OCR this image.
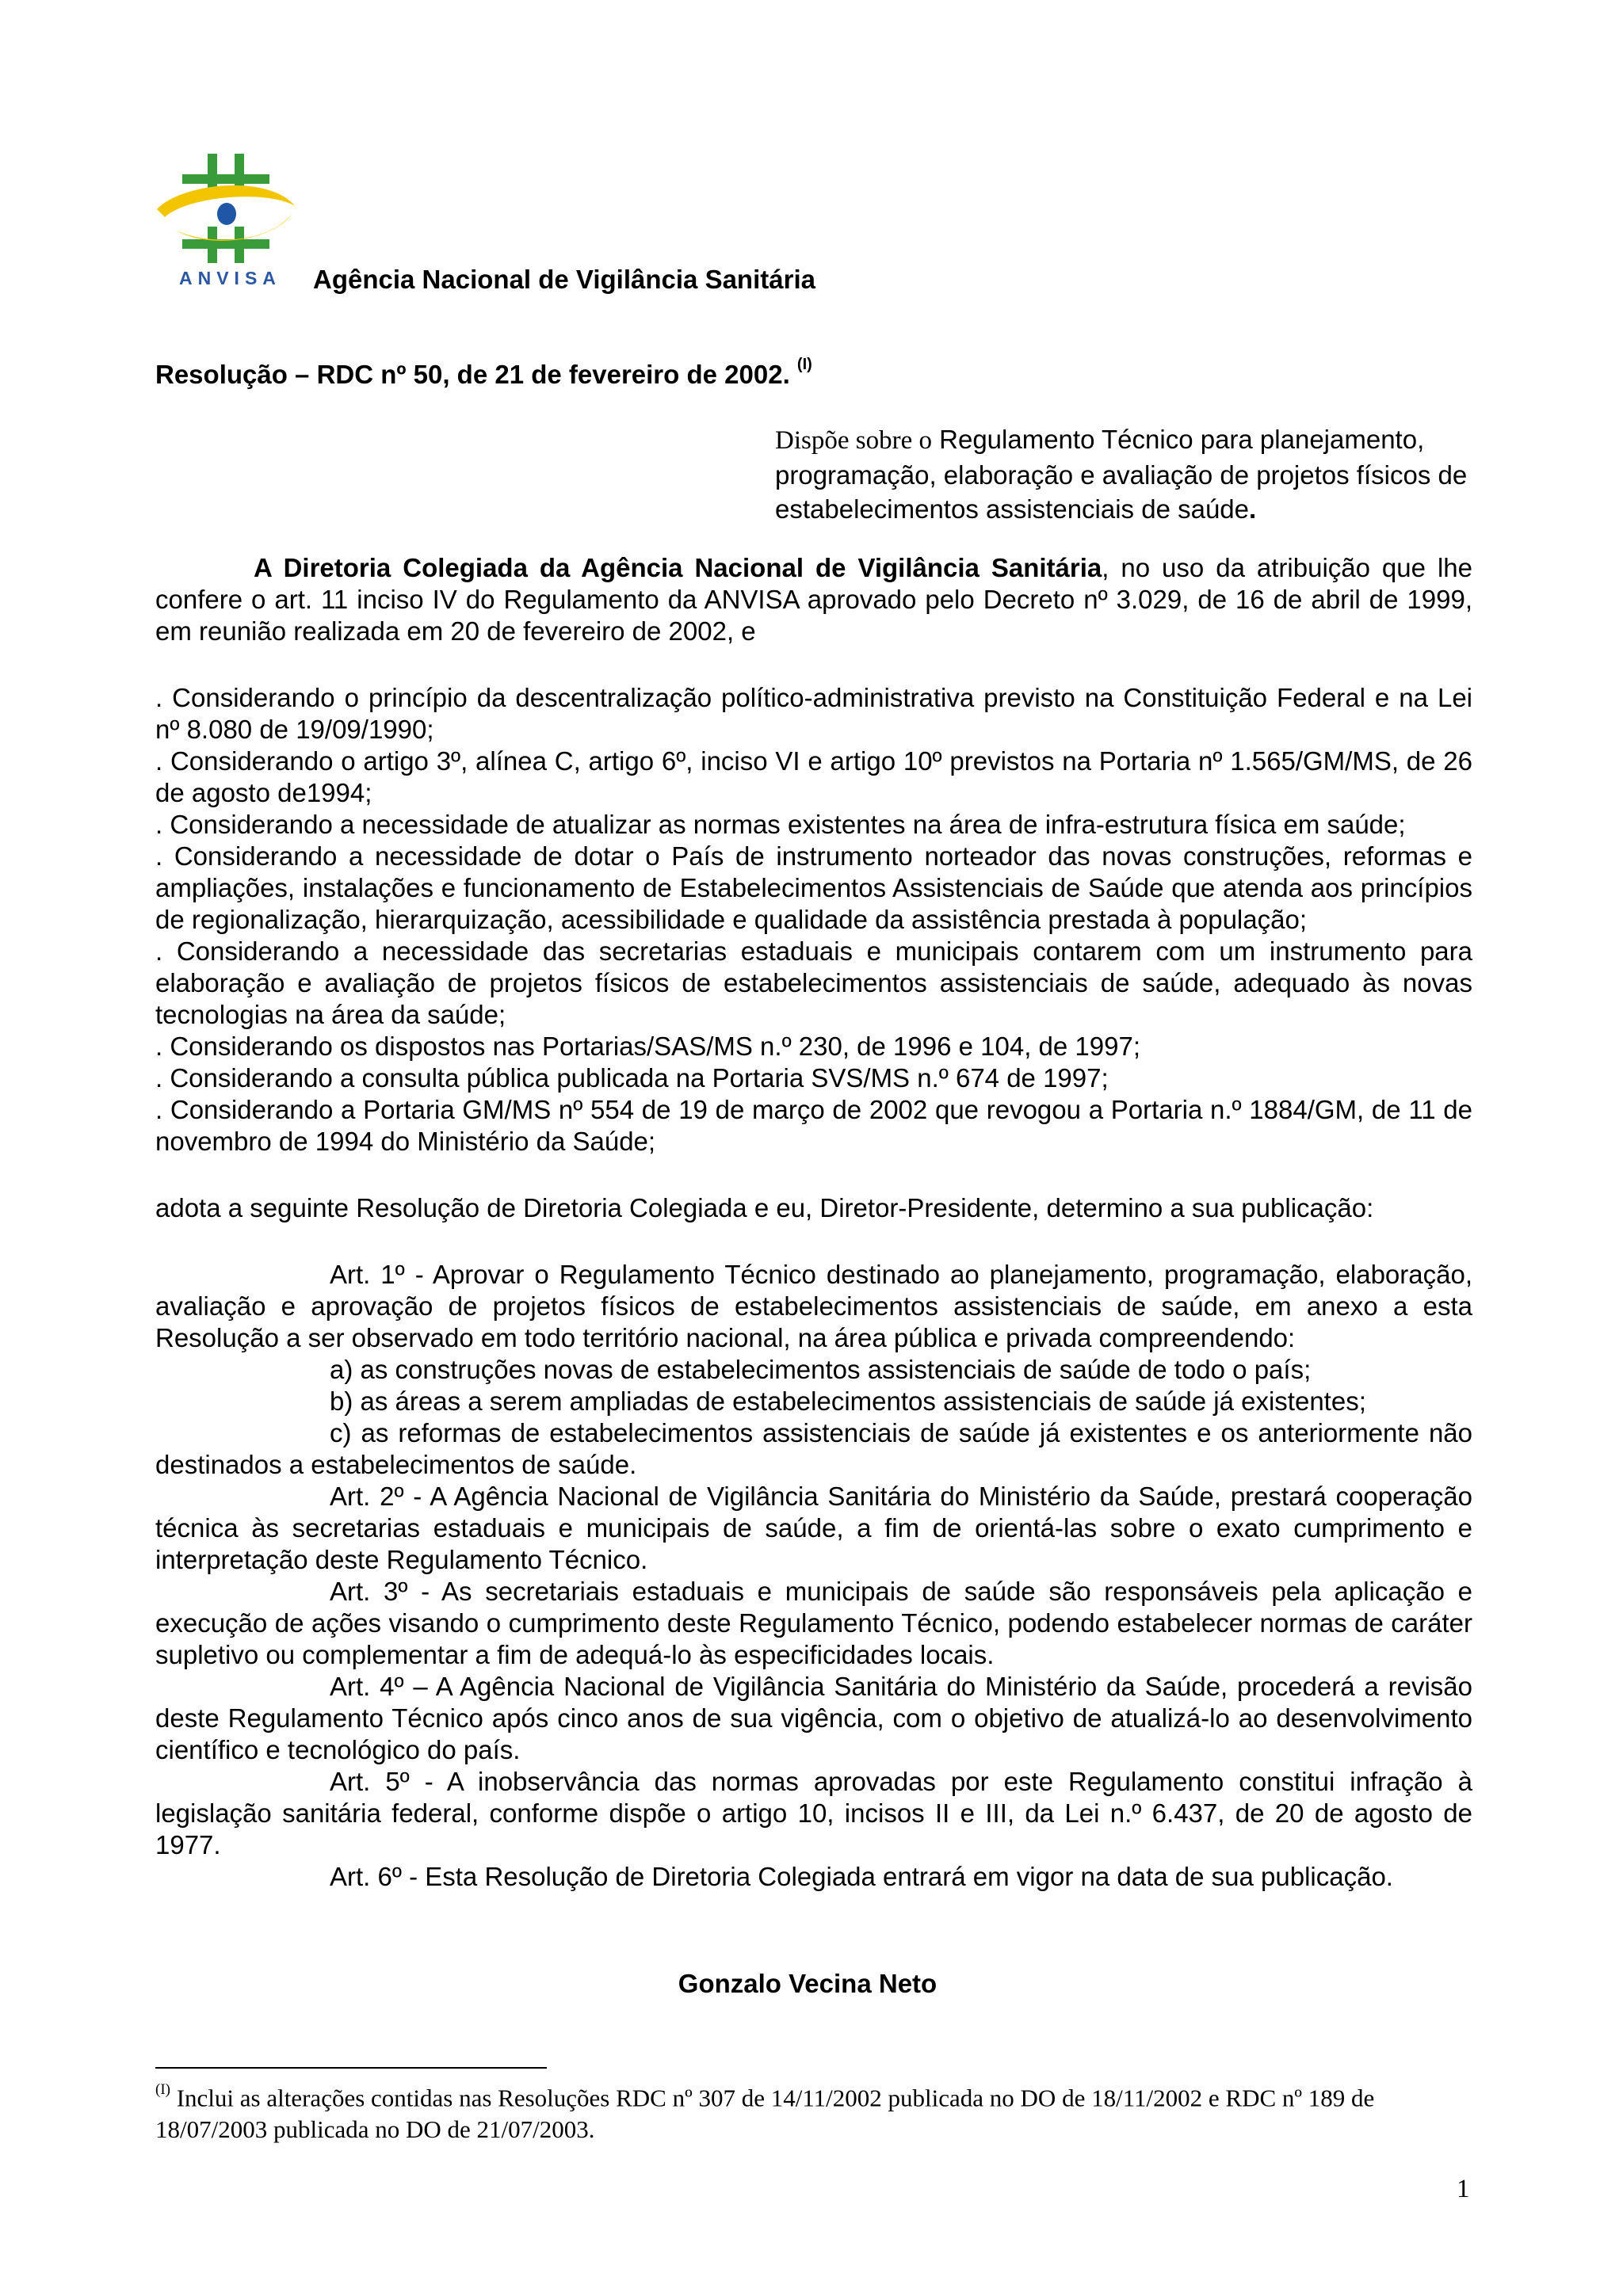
ANVISA Agência Nacional de Vigilância Sanitária
Resolução – RDC nº 50, de 21 de fevereiro de 2002. $^{(I)}$
Dispõe sobre o Regulamento Técnico para planejamento, programação, elaboração e avaliação de projetos físicos de estabelecimentos assistenciais de saúde.

A Diretoria Colegiada da Agência Nacional de Vigilância Sanitária, no uso da atribuição que lhe confere o art. 11 inciso IV do Regulamento da ANVISA aprovado pelo Decreto nº 3.029, de 16 de abril de 1999, em reunião realizada em 20 de fevereiro de 2002, e

. Considerando o princípio da descentralização político-administrativa previsto na Constituição Federal e na Lei nº 8.080 de 19/09/1990;

. Considerando o artigo 3º, alínea C, artigo 6º, inciso VI e artigo 10º previstos na Portaria nº 1.565/GM/MS, de 26 de agosto de1994;

. Considerando a necessidade de atualizar as normas existentes na área de infra-estrutura física em saúde;

. Considerando a necessidade de dotar o País de instrumento norteador das novas construções, reformas e ampliações, instalações e funcionamento de Estabelecimentos Assistenciais de Saúde que atenda aos princípios de regionalização, hierarquização, acessibilidade e qualidade da assistência prestada à população;

. Considerando a necessidade das secretarias estaduais e municipais contarem com um instrumento para elaboração e avaliação de projetos físicos de estabelecimentos assistenciais de saúde, adequado às novas tecnologias na área da saúde;

. Considerando os dispostos nas Portarias/SAS/MS n.º 230, de 1996 e 104, de 1997;

. Considerando a consulta pública publicada na Portaria SVS/MS n.º 674 de 1997;

. Considerando a Portaria GM/MS nº 554 de 19 de março de 2002 que revogou a Portaria n.º 1884/GM, de 11 de novembro de 1994 do Ministério da Saúde;

adota a seguinte Resolução de Diretoria Colegiada e eu, Diretor-Presidente, determino a sua publicação:

Art. 1º - Aprovar o Regulamento Técnico destinado ao planejamento, programação, elaboração, avaliação e aprovação de projetos físicos de estabelecimentos assistenciais de saúde, em anexo a esta Resolução a ser observado em todo território nacional, na área pública e privada compreendendo:

a) as construções novas de estabelecimentos assistenciais de saúde de todo o país;

b) as áreas a serem ampliadas de estabelecimentos assistenciais de saúde já existentes;

c) as reformas de estabelecimentos assistenciais de saúde já existentes e os anteriormente não destinados a estabelecimentos de saúde.

Art. 2º - A Agência Nacional de Vigilância Sanitária do Ministério da Saúde, prestará cooperação técnica às secretarias estaduais e municipais de saúde, a fim de orientá-las sobre o exato cumprimento e interpretação deste Regulamento Técnico.

Art. 3º - As secretariais estaduais e municipais de saúde são responsáveis pela aplicação e execução de ações visando o cumprimento deste Regulamento Técnico, podendo estabelecer normas de caráter supletivo ou complementar a fim de adequá-lo às especificidades locais.

Art. 4º – A Agência Nacional de Vigilância Sanitária do Ministério da Saúde, procederá a revisão deste Regulamento Técnico após cinco anos de sua vigência, com o objetivo de atualizá-lo ao desenvolvimento científico e tecnológico do país.

Art. 5º - A inobservância das normas aprovadas por este Regulamento constitui infração à legislação sanitária federal, conforme dispõe o artigo 10, incisos II e III, da Lei n.º 6.437, de 20 de agosto de 1977.

Art. 6º - Esta Resolução de Diretoria Colegiada entrará em vigor na data de sua publicação.

Gonzalo Vecina Neto
$^{(I)}$ Inclui as alterações contidas nas Resoluções RDC nº 307 de 14/11/2002 publicada no DO de 18/11/2002 e RDC nº 189 de 18/07/2003 publicada no DO de 21/07/2003.
1
